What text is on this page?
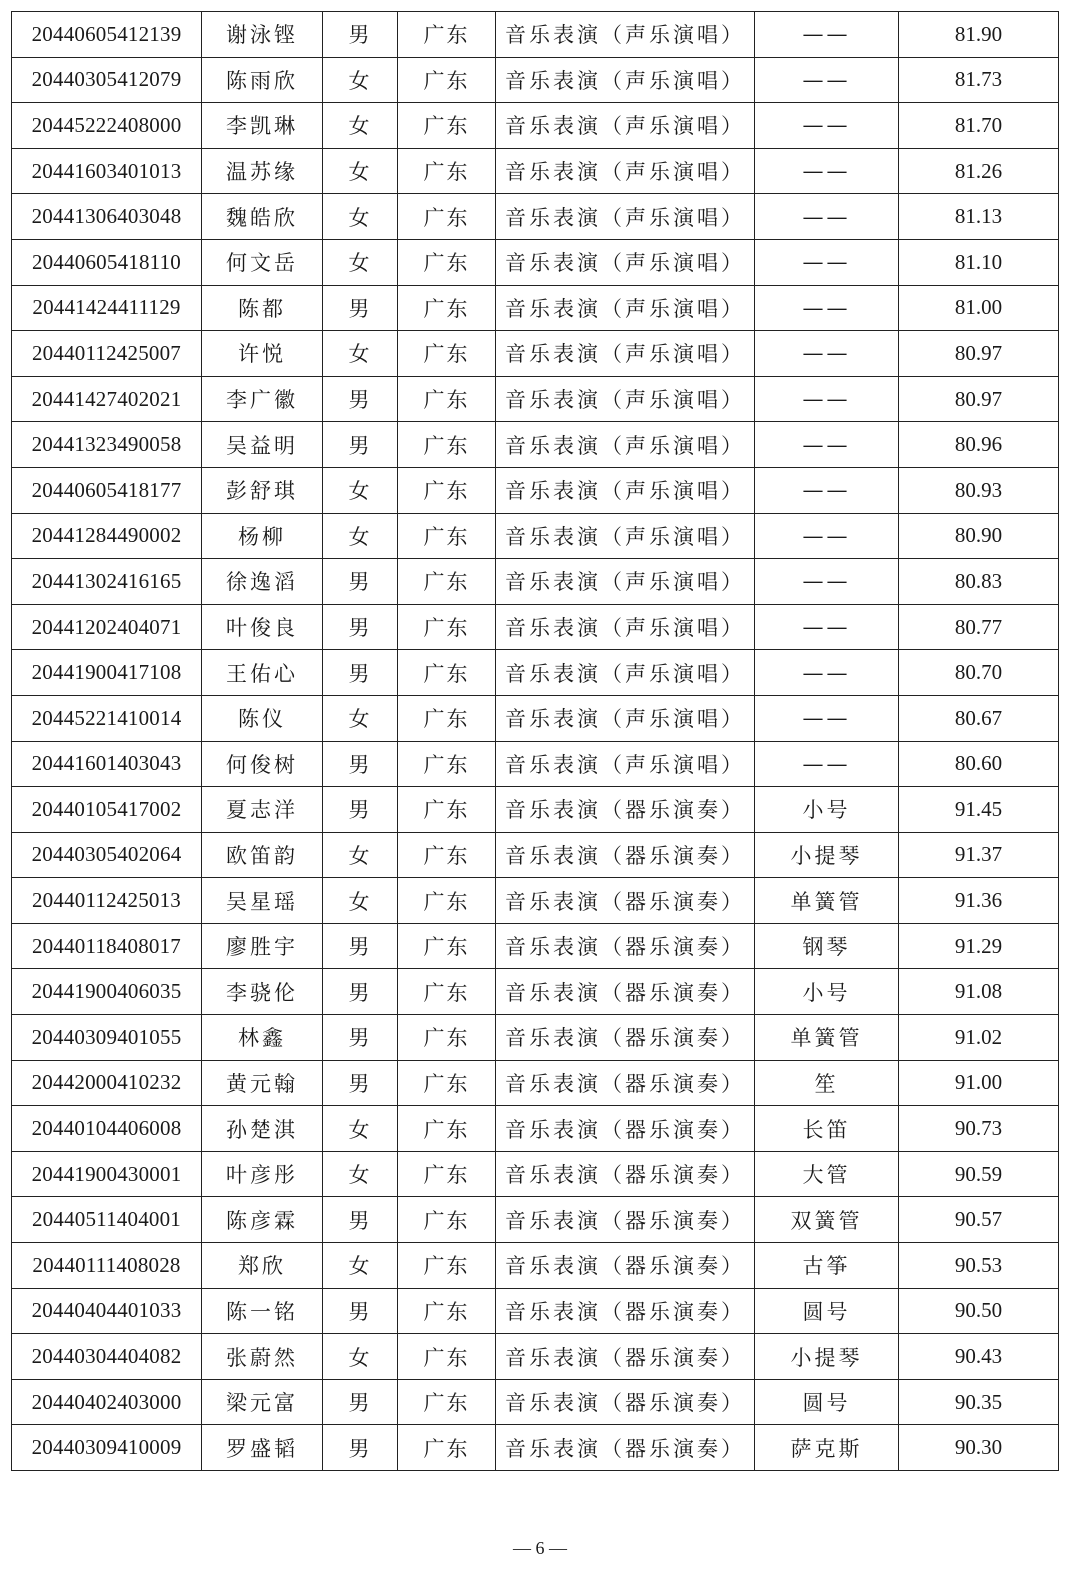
20440605412139	谢泳铿	男	广东	音乐表演（声乐演唱）	——	81.90
20440305412079	陈雨欣	女	广东	音乐表演（声乐演唱）	——	81.73
20445222408000	李凯琳	女	广东	音乐表演（声乐演唱）	——	81.70
20441603401013	温苏缘	女	广东	音乐表演（声乐演唱）	——	81.26
20441306403048	魏皓欣	女	广东	音乐表演（声乐演唱）	——	81.13
20440605418110	何文岳	女	广东	音乐表演（声乐演唱）	——	81.10
20441424411129	陈都	男	广东	音乐表演（声乐演唱）	——	81.00
20440112425007	许悦	女	广东	音乐表演（声乐演唱）	——	80.97
20441427402021	李广徽	男	广东	音乐表演（声乐演唱）	——	80.97
20441323490058	吴益明	男	广东	音乐表演（声乐演唱）	——	80.96
20440605418177	彭舒琪	女	广东	音乐表演（声乐演唱）	——	80.93
20441284490002	杨柳	女	广东	音乐表演（声乐演唱）	——	80.90
20441302416165	徐逸滔	男	广东	音乐表演（声乐演唱）	——	80.83
20441202404071	叶俊良	男	广东	音乐表演（声乐演唱）	——	80.77
20441900417108	王佑心	男	广东	音乐表演（声乐演唱）	——	80.70
20445221410014	陈仪	女	广东	音乐表演（声乐演唱）	——	80.67
20441601403043	何俊树	男	广东	音乐表演（声乐演唱）	——	80.60
20440105417002	夏志洋	男	广东	音乐表演（器乐演奏）	小号	91.45
20440305402064	欧笛韵	女	广东	音乐表演（器乐演奏）	小提琴	91.37
20440112425013	吴星瑶	女	广东	音乐表演（器乐演奏）	单簧管	91.36
20440118408017	廖胜宇	男	广东	音乐表演（器乐演奏）	钢琴	91.29
20441900406035	李骁伦	男	广东	音乐表演（器乐演奏）	小号	91.08
20440309401055	林鑫	男	广东	音乐表演（器乐演奏）	单簧管	91.02
20442000410232	黄元翰	男	广东	音乐表演（器乐演奏）	笙	91.00
20440104406008	孙楚淇	女	广东	音乐表演（器乐演奏）	长笛	90.73
20441900430001	叶彦彤	女	广东	音乐表演（器乐演奏）	大管	90.59
20440511404001	陈彦霖	男	广东	音乐表演（器乐演奏）	双簧管	90.57
20440111408028	郑欣	女	广东	音乐表演（器乐演奏）	古筝	90.53
20440404401033	陈一铭	男	广东	音乐表演（器乐演奏）	圆号	90.50
20440304404082	张蔚然	女	广东	音乐表演（器乐演奏）	小提琴	90.43
20440402403000	梁元富	男	广东	音乐表演（器乐演奏）	圆号	90.35
20440309410009	罗盛韬	男	广东	音乐表演（器乐演奏）	萨克斯	90.30
— 6 —
